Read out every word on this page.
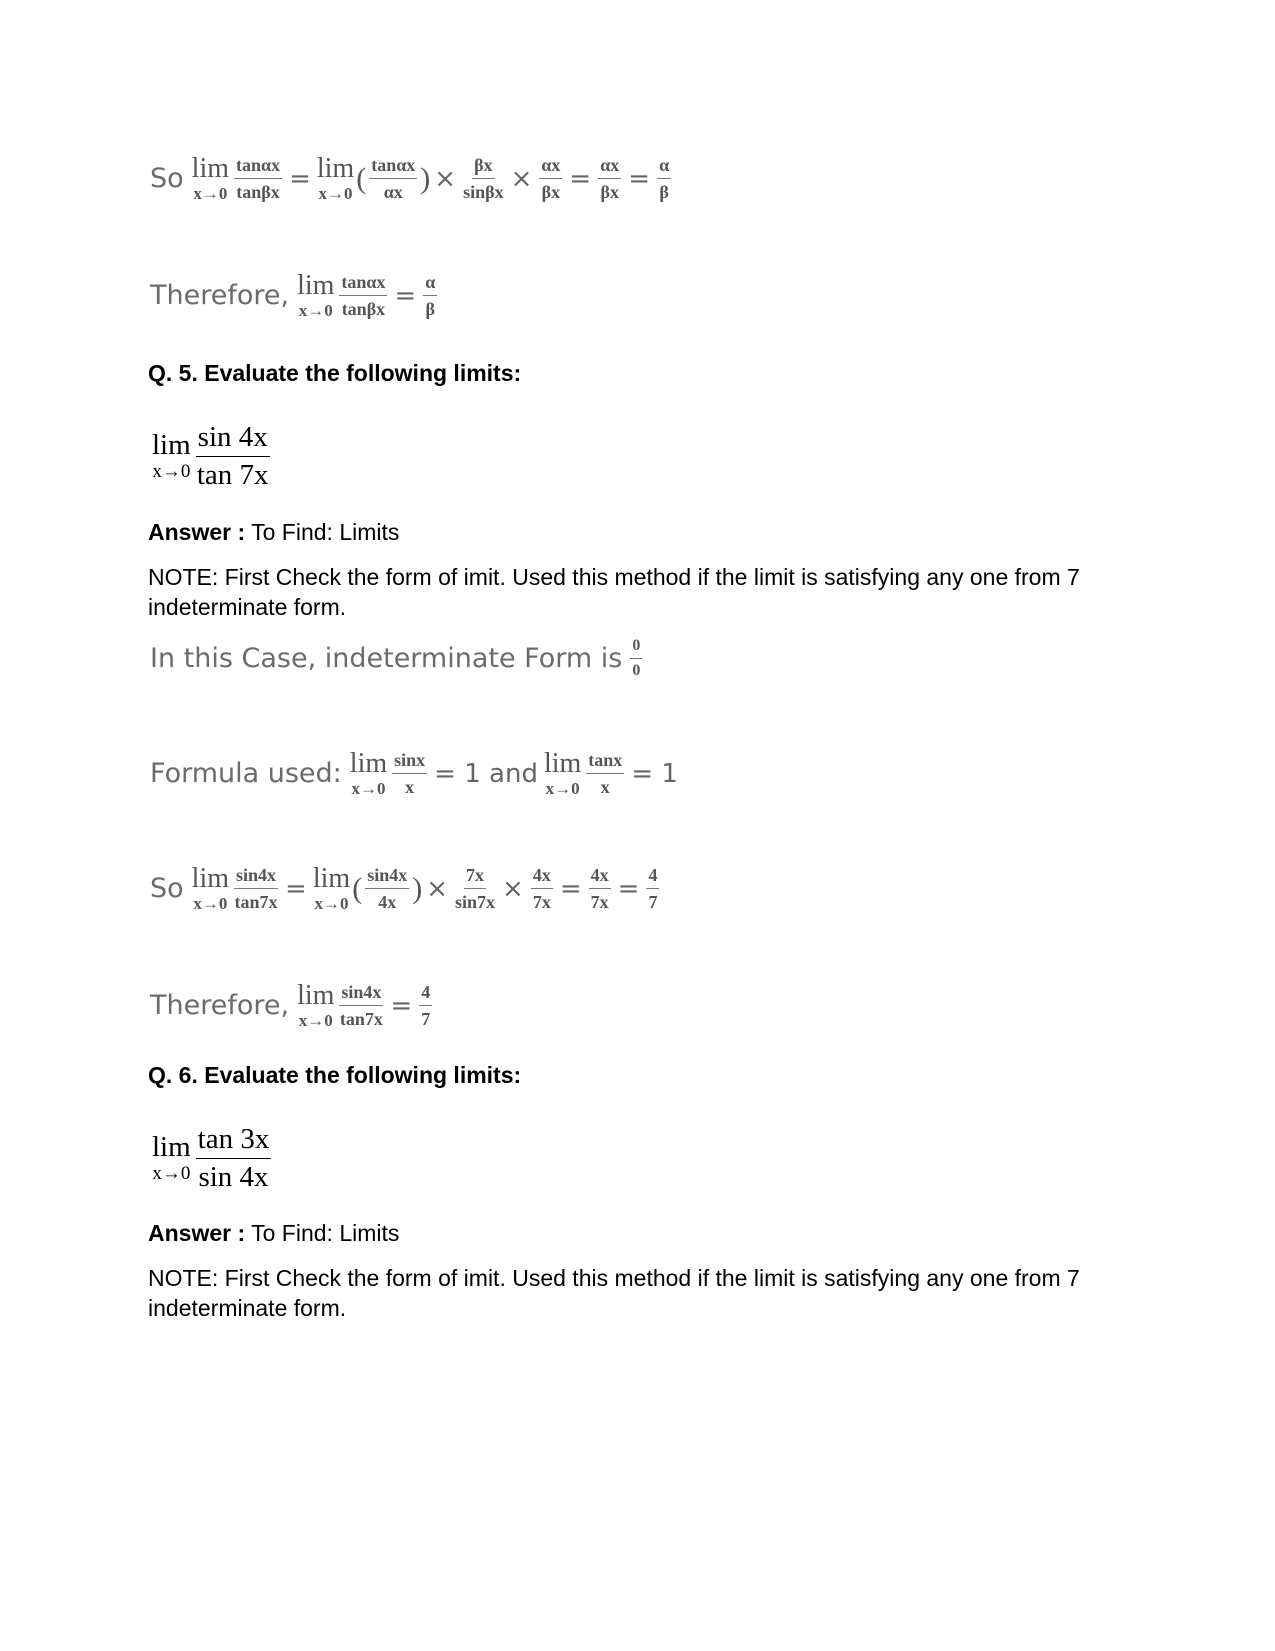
So lim
$x\to 0 \frac{\tan\alpha x}{\tan\beta x} = \lim$
x→0 ( tanαx
αx ) × $\frac{\beta x}{\sin\beta x} \times \frac{\alpha x}{\beta x} = \frac{\alpha x}{\beta x} = \frac{\alpha}{\beta}$
Therefore, lim
$x\to 0 \frac{\tan\alpha x}{\tan\beta x} = \frac{\alpha}{\beta}$
Q. 5. Evaluate the following limits:
lim
x→0
sin 4x
tan 7x
Answer : To Find: Limits
NOTE: First Check the form of imit. Used this method if the limit is satisfying any one from 7 indeterminate form.
In this Case, indeterminate Form is 0
0
Formula used: lim
$x\to 0 \frac{\sin x}{x} = 1$ and lim
$x\to 0 \frac{\tan x}{x} = 1$
So lim
$x\to 0 \frac{\sin 4x}{\tan 7x} = \lim$
x→0 ( sin4x
4x ) × $\frac{7x}{\sin 7x} \times \frac{4x}{7x} = \frac{4x}{7x} = \frac{4}{7}$
Therefore, lim
$x\to 0 \frac{\sin 4x}{\tan 7x} = \frac{4}{7}$
Q. 6. Evaluate the following limits:
lim
x→0
tan 3x
sin 4x
Answer : To Find: Limits
NOTE: First Check the form of imit. Used this method if the limit is satisfying any one from 7 indeterminate form.
